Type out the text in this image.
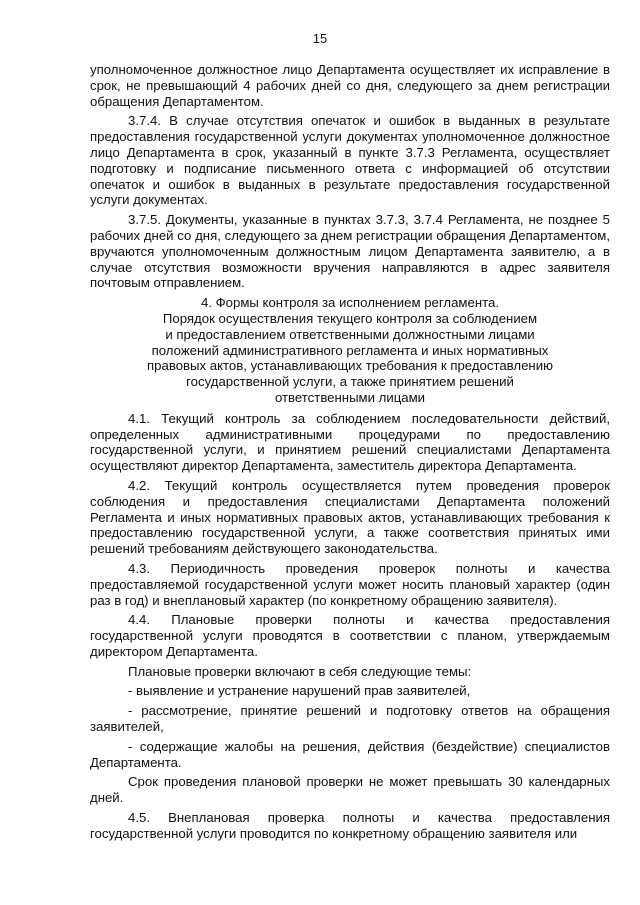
15

уполномоченное должностное лицо Департамента осуществляет их исправление в срок, не превышающий 4 рабочих дней со дня, следующего за днем регистрации обращения Департаментом.

3.7.4. В случае отсутствия опечаток и ошибок в выданных в результате предоставления государственной услуги документах уполномоченное должностное лицо Департамента в срок, указанный в пункте 3.7.3 Регламента, осуществляет подготовку и подписание письменного ответа с информацией об отсутствии опечаток и ошибок в выданных в результате предоставления государственной услуги документах.

3.7.5. Документы, указанные в пунктах 3.7.3, 3.7.4 Регламента, не позднее 5 рабочих дней со дня, следующего за днем регистрации обращения Департаментом, вручаются уполномоченным должностным лицом Департамента заявителю, а в случае отсутствия возможности вручения направляются в адрес заявителя почтовым отправлением.

4. Формы контроля за исполнением регламента.
Порядок осуществления текущего контроля за соблюдением
и предоставлением ответственными должностными лицами
положений административного регламента и иных нормативных
правовых актов, устанавливающих требования к предоставлению
государственной услуги, а также принятием решений
ответственными лицами

4.1. Текущий контроль за соблюдением последовательности действий, определенных административными процедурами по предоставлению государственной услуги, и принятием решений специалистами Департамента осуществляют директор Департамента, заместитель директора Департамента.

4.2. Текущий контроль осуществляется путем проведения проверок соблюдения и предоставления специалистами Департамента положений Регламента и иных нормативных правовых актов, устанавливающих требования к предоставлению государственной услуги, а также соответствия принятых ими решений требованиям действующего законодательства.

4.3. Периодичность проведения проверок полноты и качества предоставляемой государственной услуги может носить плановый характер (один раз в год) и внеплановый характер (по конкретному обращению заявителя).

4.4. Плановые проверки полноты и качества предоставления государственной услуги проводятся в соответствии с планом, утверждаемым директором Департамента.

Плановые проверки включают в себя следующие темы:

- выявление и устранение нарушений прав заявителей,

- рассмотрение, принятие решений и подготовку ответов на обращения заявителей,

- содержащие жалобы на решения, действия (бездействие) специалистов Департамента.

Срок проведения плановой проверки не может превышать 30 календарных дней.

4.5. Внеплановая проверка полноты и качества предоставления государственной услуги проводится по конкретному обращению заявителя или
